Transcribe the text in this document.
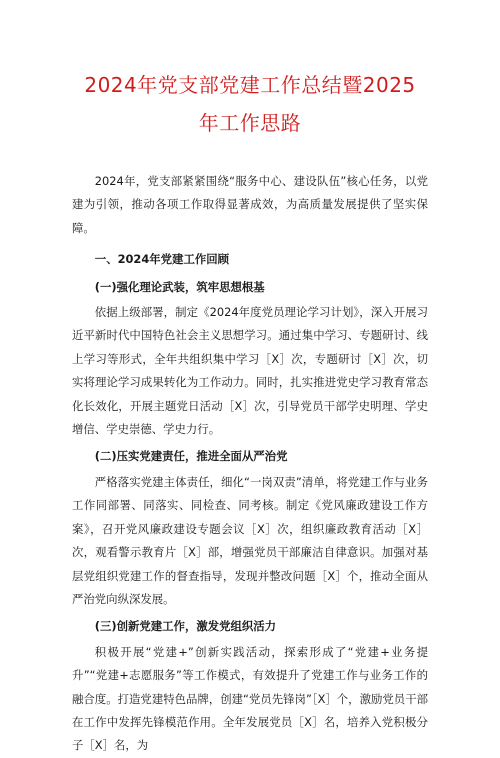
2024年党支部党建工作总结暨2025
年工作思路

2024年，党支部紧紧围绕“服务中心、建设队伍”核心任务，以党建为引领，推动各项工作取得显著成效，为高质量发展提供了坚实保障。

一、2024年党建工作回顾

(一)强化理论武装，筑牢思想根基

依据上级部署，制定《2024年度党员理论学习计划》，深入开展习近平新时代中国特色社会主义思想学习。通过集中学习、专题研讨、线上学习等形式，全年共组织集中学习［X］次，专题研讨［X］次，切实将理论学习成果转化为工作动力。同时，扎实推进党史学习教育常态化长效化，开展主题党日活动［X］次，引导党员干部学史明理、学史增信、学史崇德、学史力行。

(二)压实党建责任，推进全面从严治党

严格落实党建主体责任，细化“一岗双责”清单，将党建工作与业务工作同部署、同落实、同检查、同考核。制定《党风廉政建设工作方案》，召开党风廉政建设专题会议［X］次，组织廉政教育活动［X］次，观看警示教育片［X］部，增强党员干部廉洁自律意识。加强对基层党组织党建工作的督查指导，发现并整改问题［X］个，推动全面从严治党向纵深发展。

(三)创新党建工作，激发党组织活力

积极开展“党建+”创新实践活动，探索形成了“党建+业务提升”“党建+志愿服务”等工作模式，有效提升了党建工作与业务工作的融合度。打造党建特色品牌，创建“党员先锋岗”［X］个，激励党员干部在工作中发挥先锋模范作用。全年发展党员［X］名，培养入党积极分子［X］名，为
